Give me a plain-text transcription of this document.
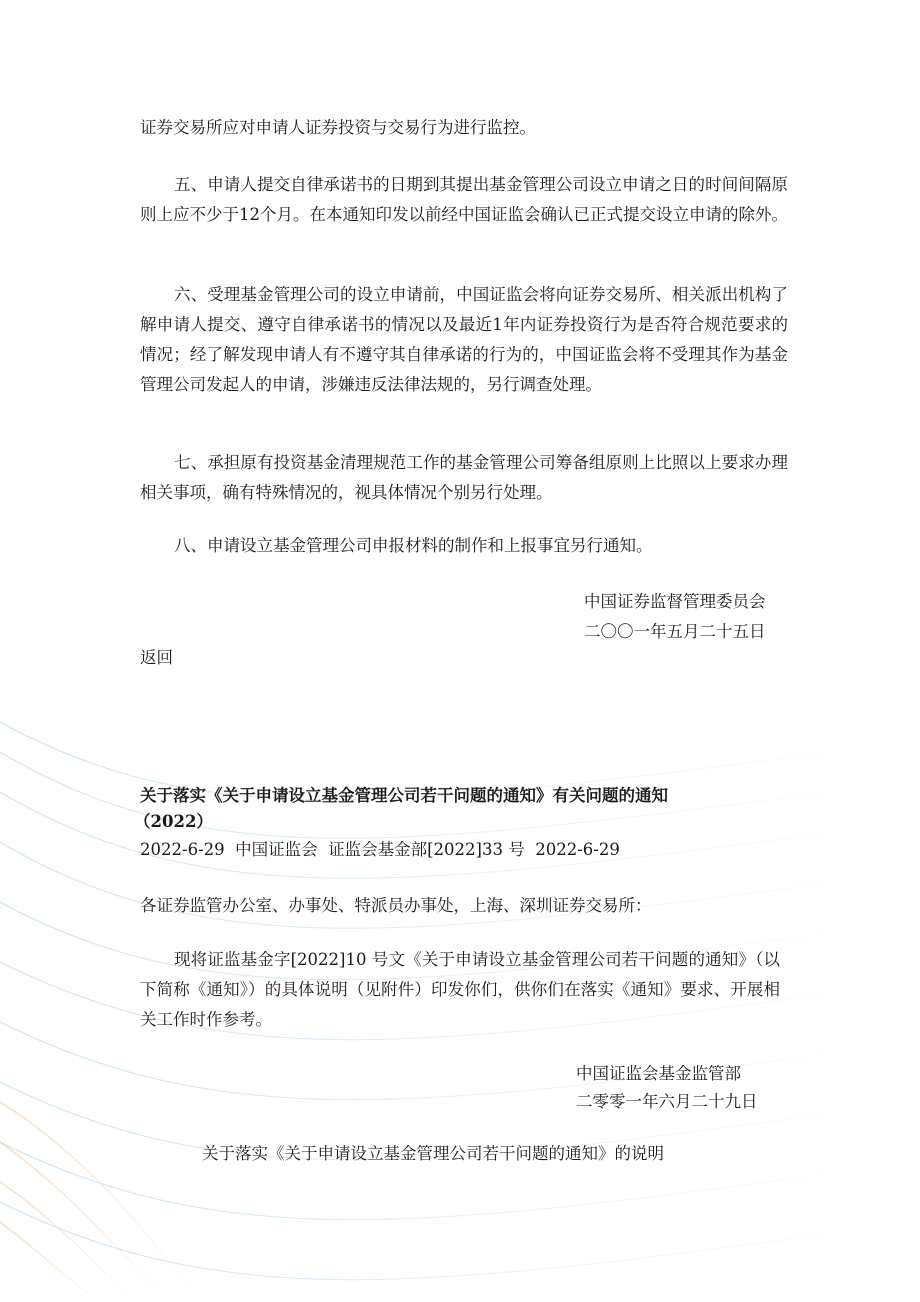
证券交易所应对申请人证券投资与交易行为进行监控。

五、申请人提交自律承诺书的日期到其提出基金管理公司设立申请之日的时间间隔原则上应不少于12个月。在本通知印发以前经中国证监会确认已正式提交设立申请的除外。

六、受理基金管理公司的设立申请前，中国证监会将向证券交易所、相关派出机构了解申请人提交、遵守自律承诺书的情况以及最近1年内证券投资行为是否符合规范要求的情况；经了解发现申请人有不遵守其自律承诺的行为的，中国证监会将不受理其作为基金管理公司发起人的申请，涉嫌违反法律法规的，另行调查处理。

七、承担原有投资基金清理规范工作的基金管理公司筹备组原则上比照以上要求办理相关事项，确有特殊情况的，视具体情况个别另行处理。

八、申请设立基金管理公司申报材料的制作和上报事宜另行通知。

中国证券监督管理委员会

二〇〇一年五月二十五日

返回

关于落实《关于申请设立基金管理公司若干问题的通知》有关问题的通知

（2022）

2022-6-29  中国证监会  证监会基金部[2022]33 号  2022-6-29

各证券监管办公室、办事处、特派员办事处，上海、深圳证券交易所：

现将证监基金字[2022]10 号文《关于申请设立基金管理公司若干问题的通知》（以下简称《通知》）的具体说明（见附件）印发你们，供你们在落实《通知》要求、开展相关工作时作参考。

中国证监会基金监管部

二零零一年六月二十九日

关于落实《关于申请设立基金管理公司若干问题的通知》的说明
